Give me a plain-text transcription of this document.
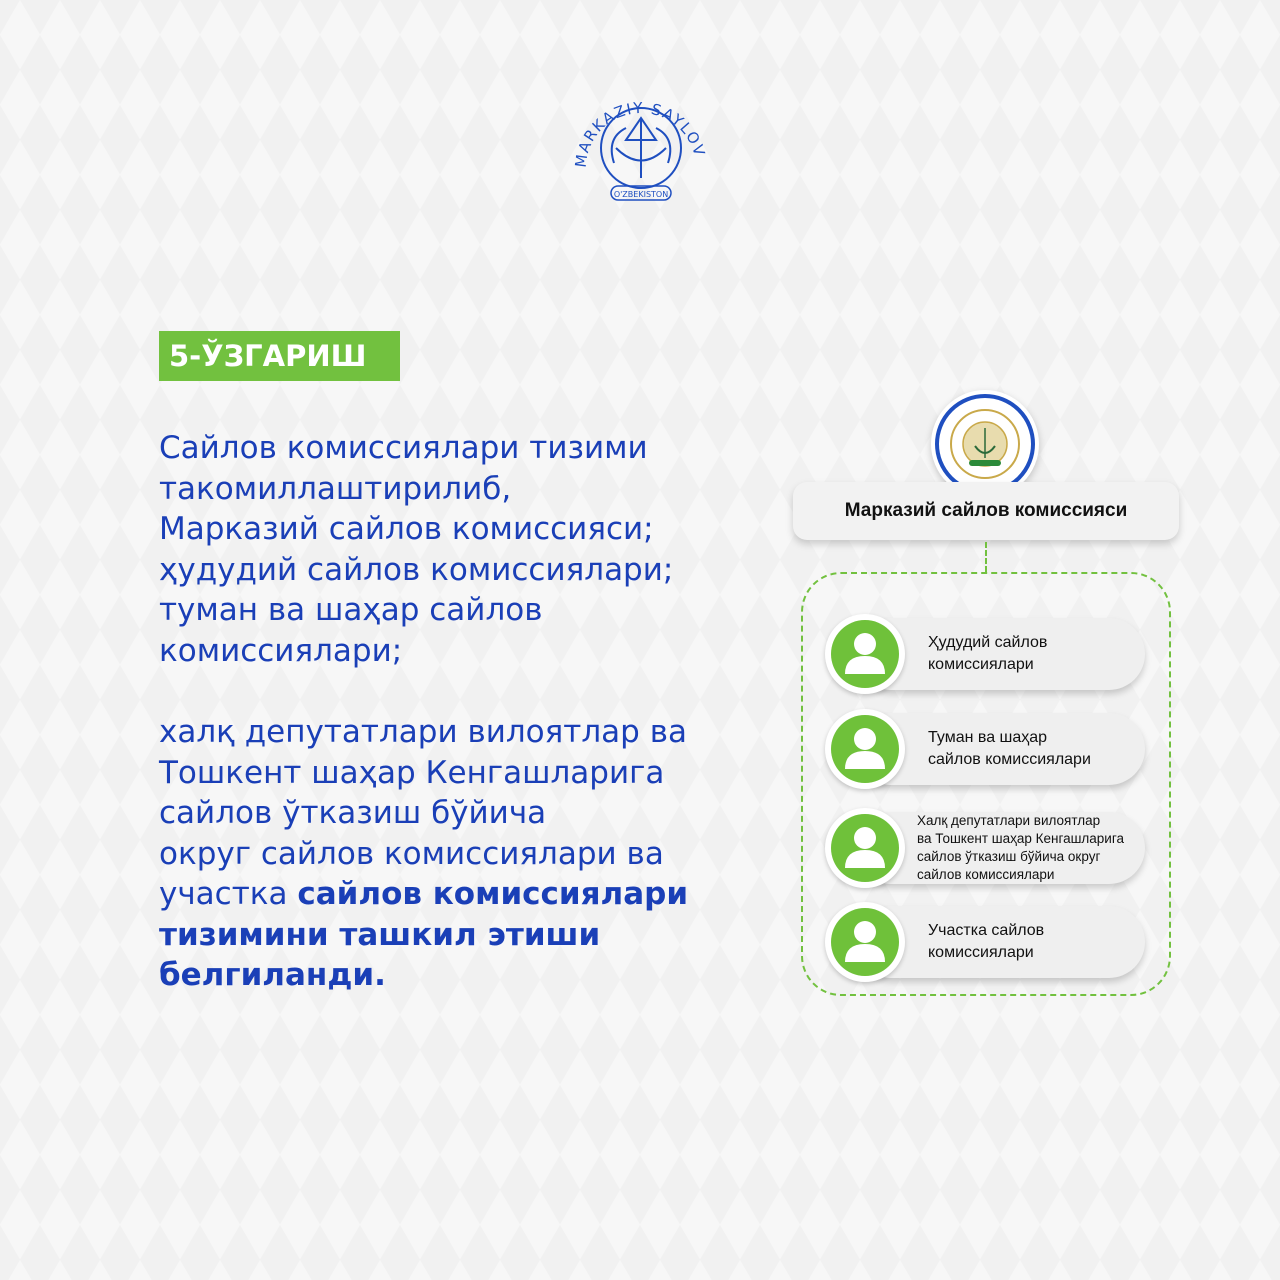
MARKAZIY SAYLOV
O'ZBEKISTON
5-ЎЗГАРИШ
Сайлов комиссиялари тизими
такомиллаштирилиб,
Марказий сайлов комиссияси;
ҳудудий сайлов комиссиялари;
туман ва шаҳар сайлов
комиссиялари;
халқ депутатлари вилоятлар ва
Тошкент шаҳар Кенгашларига
сайлов ўтказиш бўйича
округ сайлов комиссиялари ва
участка сайлов комиссиялари
тизимини ташкил этиши
белгиланди.
Марказий сайлов комиссияси
Ҳудудий сайлов
комиссиялари
Туман ва шаҳар
сайлов комиссиялари
Халқ депутатлари вилоятлар
ва Тошкент шаҳар Кенгашларига
сайлов ўтказиш бўйича округ
сайлов комиссиялари
Участка сайлов
комиссиялари
